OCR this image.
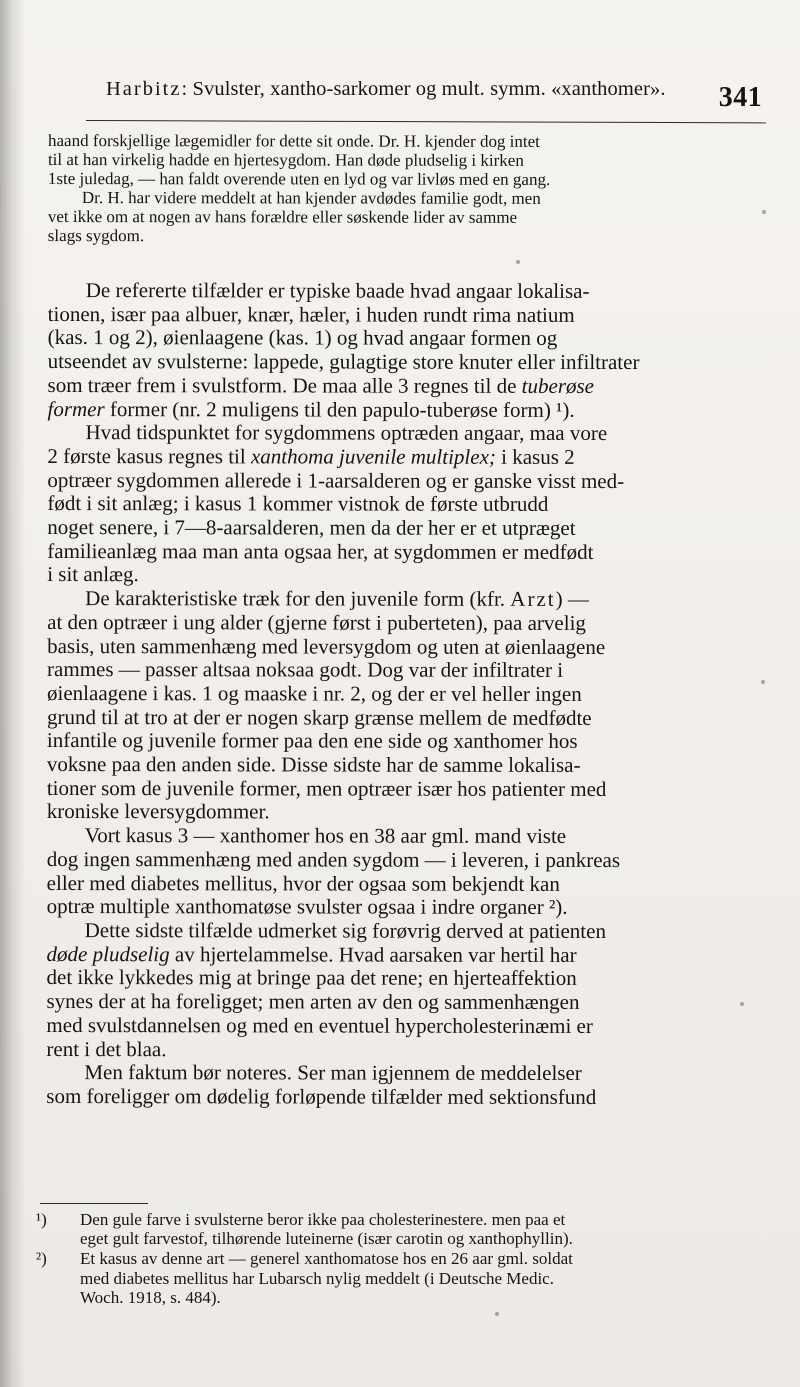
Harbitz: Svulster, xantho-sarkomer og mult. symm. «xanthomer». 341
haand forskjellige lægemidler for dette sit onde. Dr. H. kjender dog intet
til at han virkelig hadde en hjertesygdom. Han døde pludselig i kirken
1ste juledag, — han faldt overende uten en lyd og var livløs med en gang.
Dr. H. har videre meddelt at han kjender avdødes familie godt, men
vet ikke om at nogen av hans forældre eller søskende lider av samme
slags sygdom.
De refererte tilfælder er typiske baade hvad angaar lokalisa-
tionen, især paa albuer, knær, hæler, i huden rundt rima natium
(kas. 1 og 2), øienlaagene (kas. 1) og hvad angaar formen og
utseendet av svulsterne: lappede, gulagtige store knuter eller infiltrater
som træer frem i svulstform. De maa alle 3 regnes til de tuberøse
former former (nr. 2 muligens til den papulo-tuberøse form) ¹).
Hvad tidspunktet for sygdommens optræden angaar, maa vore
2 første kasus regnes til xanthoma juvenile multiplex; i kasus 2
optræer sygdommen allerede i 1-aarsalderen og er ganske visst med-
født i sit anlæg; i kasus 1 kommer vistnok de første utbrudd
noget senere, i 7—8-aarsalderen, men da der her er et utpræget
familieanlæg maa man anta ogsaa her, at sygdommen er medfødt
i sit anlæg.
De karakteristiske træk for den juvenile form (kfr. Arzt) —
at den optræer i ung alder (gjerne først i puberteten), paa arvelig
basis, uten sammenhæng med leversygdom og uten at øienlaagene
rammes — passer altsaa noksaa godt. Dog var der infiltrater i
øienlaagene i kas. 1 og maaske i nr. 2, og der er vel heller ingen
grund til at tro at der er nogen skarp grænse mellem de medfødte
infantile og juvenile former paa den ene side og xanthomer hos
voksne paa den anden side. Disse sidste har de samme lokalisa-
tioner som de juvenile former, men optræer især hos patienter med
kroniske leversygdommer.
Vort kasus 3 — xanthomer hos en 38 aar gml. mand viste
dog ingen sammenhæng med anden sygdom — i leveren, i pankreas
eller med diabetes mellitus, hvor der ogsaa som bekjendt kan
optræ multiple xanthomatøse svulster ogsaa i indre organer ²).
Dette sidste tilfælde udmerket sig forøvrig derved at patienten
døde pludselig av hjertelammelse. Hvad aarsaken var hertil har
det ikke lykkedes mig at bringe paa det rene; en hjerteaffektion
synes der at ha foreligget; men arten av den og sammenhængen
med svulstdannelsen og med en eventuel hypercholesterinæmi er
rent i det blaa.
Men faktum bør noteres. Ser man igjennem de meddelelser
som foreligger om dødelig forløpende tilfælder med sektionsfund
¹)	Den gule farve i svulsterne beror ikke paa cholesterinestere. men paa et
eget gult farvestof, tilhørende luteinerne (især carotin og xanthophyllin).
²)	Et kasus av denne art — generel xanthomatose hos en 26 aar gml. soldat
med diabetes mellitus har Lubarsch nylig meddelt (i Deutsche Medic.
Woch. 1918, s. 484).
